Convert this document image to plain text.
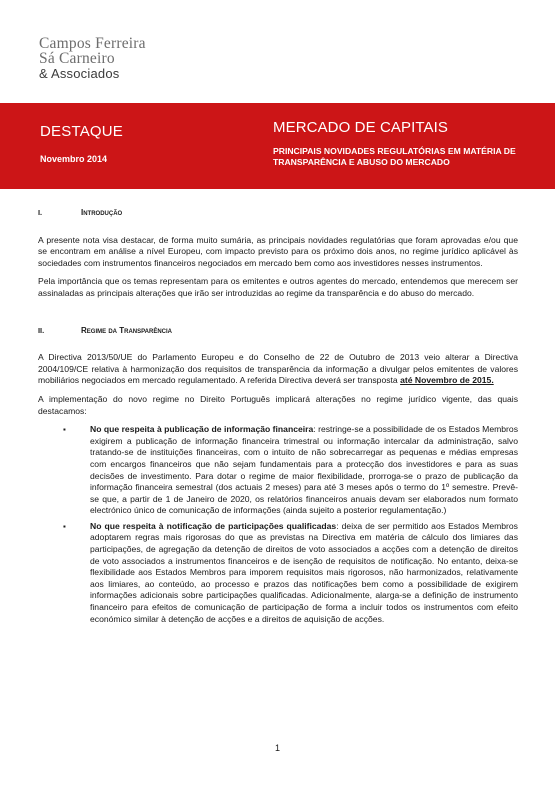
Campos Ferreira
Sá Carneiro
& Associados
DESTAQUE
Novembro 2014
MERCADO DE CAPITAIS
PRINCIPAIS NOVIDADES REGULATÓRIAS EM MATÉRIA DE TRANSPARÊNCIA E ABUSO DO MERCADO
I.	Introdução

A presente nota visa destacar, de forma muito sumária, as principais novidades regulatórias que foram aprovadas e/ou que se encontram em análise a nível Europeu, com impacto previsto para os próximo dois anos, no regime jurídico aplicável às sociedades com instrumentos financeiros negociados em mercado bem como aos investidores nesses instrumentos.

Pela importância que os temas representam para os emitentes e outros agentes do mercado, entendemos que merecem ser assinaladas as principais alterações que irão ser introduzidas ao regime da transparência e do abuso do mercado.

II.	Regime da Transparência

A Directiva 2013/50/UE do Parlamento Europeu e do Conselho de 22 de Outubro de 2013 veio alterar a Directiva 2004/109/CE relativa à harmonização dos requisitos de transparência da informação a divulgar pelos emitentes de valores mobiliários negociados em mercado regulamentado. A referida Directiva deverá ser transposta até Novembro de 2015.

A implementação do novo regime no Direito Português implicará alterações no regime jurídico vigente, das quais destacamos:

▪	No que respeita à publicação de informação financeira: restringe-se a possibilidade de os Estados Membros exigirem a publicação de informação financeira trimestral ou informação intercalar da administração, salvo tratando-se de instituições financeiras, com o intuito de não sobrecarregar as pequenas e médias empresas com encargos financeiros que não sejam fundamentais para a protecção dos investidores e para as suas decisões de investimento. Para dotar o regime de maior flexibilidade, prorroga-se o prazo de publicação da informação financeira semestral (dos actuais 2 meses) para até 3 meses após o termo do 1º semestre. Prevê-se que, a partir de 1 de Janeiro de 2020, os relatórios financeiros anuais devam ser elaborados num formato electrónico único de comunicação de informações (ainda sujeito a posterior regulamentação.)
▪	No que respeita à notificação de participações qualificadas: deixa de ser permitido aos Estados Membros adoptarem regras mais rigorosas do que as previstas na Directiva em matéria de cálculo dos limiares das participações, de agregação da detenção de direitos de voto associados a acções com a detenção de direitos de voto associados a instrumentos financeiros e de isenção de requisitos de notificação. No entanto, deixa-se flexibilidade aos Estados Membros para imporem requisitos mais rigorosos, não harmonizados, relativamente aos limiares, ao conteúdo, ao processo e prazos das notificações bem como a possibilidade de exigirem informações adicionais sobre participações qualificadas. Adicionalmente, alarga-se a definição de instrumento financeiro para efeitos de comunicação de participação de forma a incluir todos os instrumentos com efeito económico similar à detenção de acções e a direitos de aquisição de acções.
1
